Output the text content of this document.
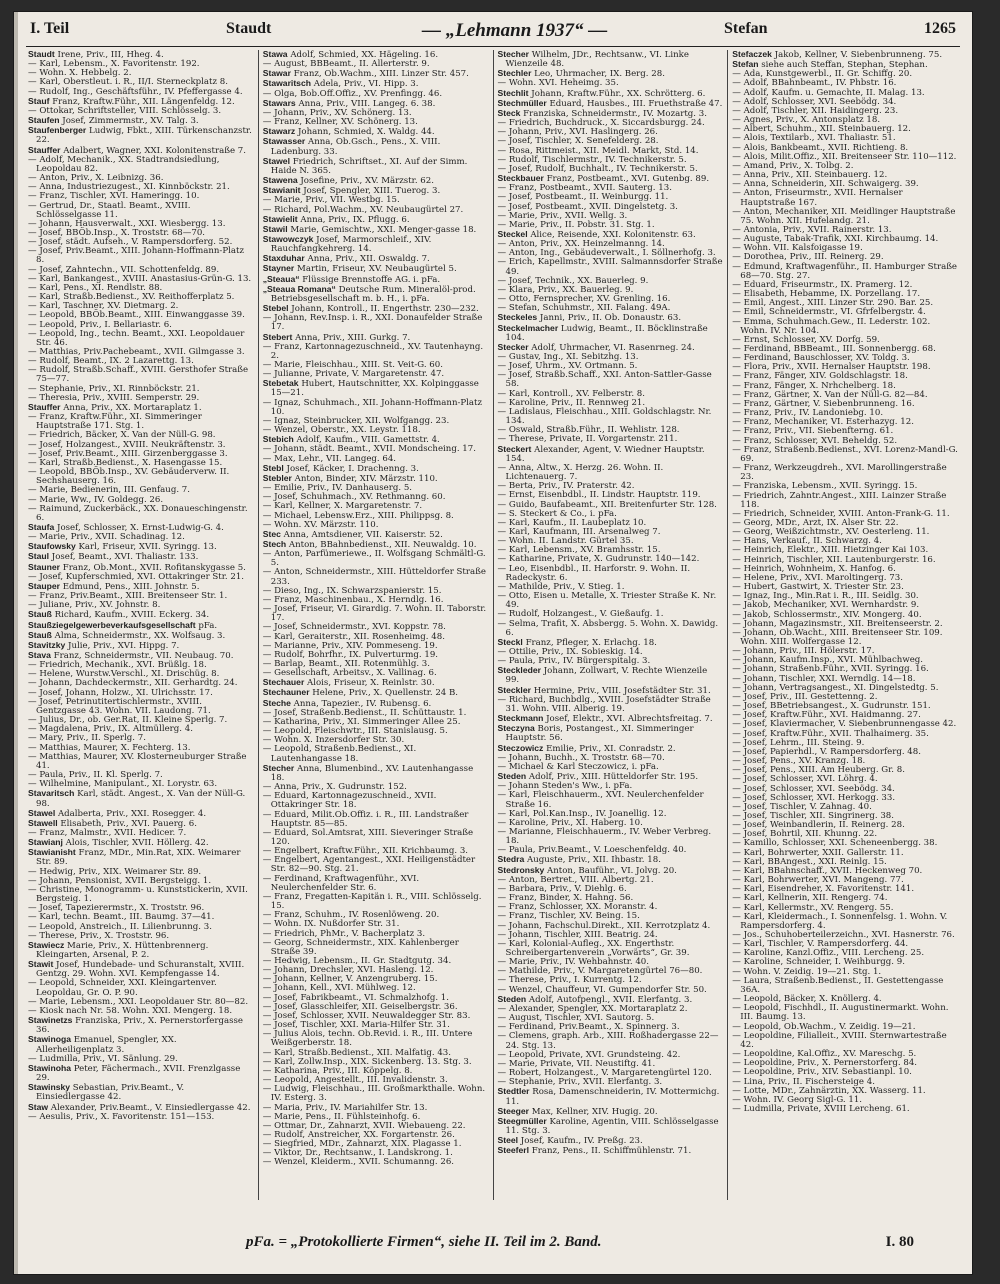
I. Teil	Staudt	— „Lehmann 1937“ —	Stefan	1265

Staudt Irene, Priv., III, Hheg. 4.

— Karl, Lebensm., X. Favoritenstr. 192.

— Wohn. X. Hebbelg. 2.

— Karl, Oberstleut. i. R., II/I. Sterneckplatz 8.

— Rudolf, Ing., Geschäftsführ., IV. Pfeffergasse 4.

Stauf Franz, Kraftw.Führ., XII. Längenfeldg. 12.

— Ottokar, Schriftsteller, VIII. Schlösselg. 3.

Staufen Josef, Zimmermstr., XV. Talg. 3.

Staufenberger Ludwig, Fbkt., XIII. Türkenschanzstr. 22.

Stauffer Adalbert, Wagner, XXI. Kolonitenstraße 7.

— Adolf, Mechanik., XX. Stadtrandsiedlung, Leopoldau 82.

— Anton, Priv., X. Leibnizg. 36.

— Anna, Industriezugest., XI. Kinnböckstr. 21.

— Franz, Tischler, XVI. Hameringg. 10.

— Gertrud, Dr., Staatl. Beamt., XVIII. Schlösselgasse 11.

— Johann, Hausverwalt., XXI. Wiesbergg. 13.

— Josef, BBÖb.Insp., X. Troststr. 68—70.

— Josef, städt. Aufseh., V. Rampersdorferg. 52.

— Josef, Priv.Beamt., XIII. Johann-Hoffmann-Platz 8.

— Josef, Zahntechn., VII. Schottenfeldg. 89.

— Karl, Bankangest., XVIII. Anastasius-Grün-G. 13.

— Karl, Pens., XI. Rendlstr. 88.

— Karl, Straßb.Bedienst., XV. Reithofferplatz 5.

— Karl, Taschner, XV. Dietmarg. 2.

— Leopold, BBÖb.Beamt., XIII. Einwanggasse 39.

— Leopold, Priv., I. Bellariastr. 6.

— Leopold, Ing., techn. Beamt., XXI. Leopoldauer Str. 46.

— Matthias, Priv.Pachebeamt., XVII. Gilmgasse 3.

— Rudolf, Beamt., IX. 2 Lazarettg. 13.

— Rudolf, Straßb.Schaff., XVIII. Gersthofer Straße 75—77.

— Stephanie, Priv., XI. Rinnböckstr. 21.

— Theresia, Priv., XVIII. Semperstr. 29.

Stauffer Anna, Priv., XX. Mortaraplatz 1.

— Franz, Kraftw.Führ., XI. Simmeringer Hauptstraße 171. Stg. 1.

— Friedrich, Bäcker, X. Van der Nüll-G. 98.

— Josef, Holzangest., XVIII. Neukräftenstr. 3.

— Josef, Priv.Beamt., XIII. Girzenberggasse 3.

— Karl, Straßb.Bedienst., X. Hasengasse 15.

— Leopold, BBÖb.Insp., XV. Gebäuderverw. II. Sechshauserg. 16.

— Marie, Bedienerin, III. Genfaug. 7.

— Marie, Ww., IV. Goldegg. 26.

— Raimund, Zuckerbäck., XX. Donaueschingenstr. 6.

Staufa Josef, Schlosser, X. Ernst-Ludwig-G. 4.

— Marie, Priv., XVII. Schadinag. 12.

Staufowsky Karl, Friseur, XVII. Syringg. 13.

Staul Josef, Beamt., XVI. Thaliastr. 133.

Stauner Franz, Ob.Mont., XVII. Rofitanskygasse 5.

— Josef, Kupferschmied, XVI. Ottakringer Str. 21.

Stauper Edmund, Pens., XIII. Johnstr. 5.

— Franz, Priv.Beamt., XIII. Breitenseer Str. 1.

— Juliane, Priv., XV. Johnstr. 8.

Stauß Richard, Kaufm., XVIII. Eckerg. 34.

Staußziegelgewerbeverkaufsgesellschaft pFa.

Stauß Alma, Schneidermstr., XX. Wolfsaug. 3.

Stavitzky Julie, Priv., XVI. Hippg. 7.

Stava Franz, Schneidermstr., VII. Neubaug. 70.

— Friedrich, Mechanik., XVI. Brüßlg. 18.

— Helene, Wurstw.Verschl., XI. Drischüg. 8.

— Johann, Dachdeckermstr., XII. Gerhardtg. 24.

— Josef, Johann, Holzw., XI. Ulrichsstr. 17.

— Josef, Petrinutitertischlermstr., XVIII. Gentzgasse 43. Wohn. VII. Laudong. 71.

— Julius, Dr., ob. Ger.Rat, II. Kleine Sperlg. 7.

— Magdalena, Priv., IX. Altmüllerg. 4.

— Mary, Priv., II. Sperlg. 7.

— Matthias, Maurer, X. Fechterg. 13.

— Matthias, Maurer, XV. Klosterneuburger Straße 41.

— Paula, Priv., II. Kl. Sperlg. 7.

— Wilhelmine, Manipulant., XI. Lorystr. 63.

Stavaritsch Karl, städt. Angest., X. Van der Nüll-G. 98.

Stawel Adalberta, Priv., XXI. Rosegger. 4.

Stawell Elisabeth, Priv., XVI. Pauerg. 6.

— Franz, Malmstr., XVII. Hedicer. 7.

Stawianj Alois, Tischler, XVII. Höllerg. 42.

Stawianisht Franz, MDr., Min.Rat, XIX. Weimarer Str. 89.

— Hedwig, Priv., XIX. Weimarer Str. 89.

— Johann, Pensionist, XVII. Bergsteigg. 1.

— Christine, Monogramm- u. Kunststickerin, XVII. Bergsteig. 1.

— Josef, Tapezierermstr., X. Troststr. 96.

— Karl, techn. Beamt., III. Baumg. 37—41.

— Leopold, Anstreich., II. Lilienbrunng. 3.

— Therese, Priv., X. Troststr. 96.

Stawiecz Marie, Priv., X. Hüttenbrennerg. Kleingarten, Arsenal, P. 2.

Stawit Josef, Hundebade- und Schuranstalt, XVIII. Gentzg. 29. Wohn. XVI. Kempfengasse 14.

— Leopold, Schneider, XXI. Kleingartenver. Leopoldau, Gr. O. P. 90.

— Marie, Lebensm., XXI. Leopoldauer Str. 80—82.

— Kiosk nach Nr. 58. Wohn. XXI. Mengerg. 18.

Stawinetzs Franziska, Priv., X. Pernerstorfergasse 36.

Stawinoga Emanuel, Spengler, XX. Allerheiligenplatz 3.

— Ludmilla, Priv., VI. Sänlung. 29.

Stawinoha Peter, Fächermach., XVII. Frenzlgasse 29.

Stawinsky Sebastian, Priv.Beamt., V. Einsiedlergasse 42.

Staw Alexander, Priv.Beamt., V. Einsiedlergasse 42.

— Aesulis, Priv., X. Favoritenstr. 151—153.

Stawa Adolf, Schmied, XX. Hägeling. 16.

— August, BBBeamt., II. Allerterstr. 9.

Stawar Franz, Ob.Wachm., XIII. Linzer Str. 457.

Stawaritsch Adela, Priv., VI. Hipp. 3.

— Olga, Bob.Off.Offiz., XV. Prenfingg. 46.

Stawars Anna, Priv., VIII. Langeg. 6. 38.

— Johann, Priv., XV. Schönerg. 13.

— Franz, Kellner, XV. Schönerg. 13.

Stawarz Johann, Schmied, X. Waldg. 44.

Stawasser Anna, Ob.Gsch., Pens., X. VIII. Ladenburg. 33.

Stawel Friedrich, Schriftset., XI. Auf der Simm. Haide N. 365.

Stawena Josefine, Priv., XV. Märzstr. 62.

Stawianit Josef, Spengler, XIII. Tuerog. 3.

— Marie, Priv., VII. Westbg. 15.

— Richard, Pol.Wachm., XV. Neubaugürtel 27.

Stawielit Anna, Priv., IX. Pflugg. 6.

Stawil Marie, Gemischtw., XXI. Menger-gasse 18.

Stawowczyk Josef, Marmorschleif., XIV. Rauchfangkehrerg. 14.

Staxduhar Anna, Priv., XII. Oswaldg. 7.

Stayner Martin, Friseur, XV. Neubaugürtel 5.

„Steaua“ Flüssige Brennstoffe AG. i. pFa.

„Steaua Romana“ Deutsche Rum. Mineralöl-prod. Betriebsgesellschaft m. b. H., i. pFa.

Stebel Johann, Kontroll., II. Engerthstr. 230—232.

— Johann, Rev.Insp. i. R., XXI. Donaufelder Straße 17.

Stebert Anna, Priv., XIII. Gurkg. 7.

— Franz, Kartonnagezuschneid., XV. Tautenhayng. 2.

— Marie, Fleischhau., XIII. St. Veit-G. 60.

— Julianne, Private, V. Margaretenstr. 47.

Stebetak Hubert, Hautschnitter, XX. Kolpinggasse 15—21.

— Ignaz, Schuhmach., XII. Johann-Hoffmann-Platz 10.

— Ignaz, Steinbrucker, XII. Wolfgangg. 23.

— Wenzel, Oberstr., XX. Leystr. 118.

Stebich Adolf, Kaufm., VIII. Gamettstr. 4.

— Johann, städt. Beamt., XVII. Mondscheing. 17.

— Max, Lehr., VII. Langeg. 64.

Stebl Josef, Käcker, I. Drachenng. 3.

Stebler Anton, Binder, XIV. Märzstr. 110.

— Emilie, Priv., IV. Danhauserg. 5.

— Josef, Schuhmach., XV. Rethmanng. 60.

— Karl, Kellner, X. Margaretenstr. 7.

— Michael, Lebensw.Erz., XIII. Philippsg. 8.

— Wohn. XV. Märzstr. 110.

Stec Anna, Amtsdiener, VII. Kaiserstr. 52.

Stech Anton, BBahnbedienst., XII. Neuwaldg. 10.

— Anton, Parfümeriewe., II. Wolfsgang Schmältl-G. 5.

— Anton, Schneidermstr., XIII. Hütteldorfer Straße 233.

— Dieso, Ing., IX. Schwarzspanierstr. 15.

— Franz, Maschinenbau., X. Herndlg. 16.

— Josef, Friseur, VI. Girardig. 7. Wohn. II. Taborstr. 17.

— Josef, Schneidermstr., XVI. Koppstr. 78.

— Karl, Geraiterstr., XII. Rosenheimg. 48.

— Marianne, Priv., XIV. Pommeseng. 19.

— Rudolf, Bohrfhr., IX. Pulverturmg. 19.

— Barlap, Beamt., XII. Rotenmühlg. 3.

— Gesellschaft, Arbeitsv., X. Vallinag. 6.

Stechauer Alois, Friseur, X. Reinlstr. 30.

Stechauner Helene, Priv., X. Quellenstr. 24 B.

Steche Anna, Tapezier., IV. Rubensg. 6.

— Josef, Straßenb.Bedienst., II. Schüttaustr. 1.

— Katharina, Priv., XI. Simmeringer Allee 25.

— Leopold, Fleischwtr., III. Stanislausg. 5.

— Wohn. X. Inzersdorfer Str. 30.

— Leopold, Straßenb.Bedienst., XI. Lautenhangasse 18.

Stecher Anna, Blumenbind., XV. Lautenhangasse 18.

— Anna, Priv., X. Gudrunstr. 152.

— Eduard, Kartonnagezuschneid., XVII. Ottakringer Str. 18.

— Eduard, Milit.Ob.Offiz. i. R., III. Landstraßer Hauptstr. 85—85.

— Eduard, Sol.Amtsrat, XIII. Sieveringer Straße 120.

— Engelbert, Kraftw.Führ., XII. Krichbaumg. 3.

— Engelbert, Agentangest., XXI. Heiligenstädter Str. 82—90. Stg. 21.

— Ferdinand, Kraftwagenführ., XVI. Neulerchenfelder Str. 6.

— Franz, Fregatten-Kapitän i. R., VIII. Schlösselg. 15.

— Franz, Schuhm., IV. Rosenlöweng. 20.

— Wohn. IX. Nußdorfer Str. 31.

— Friedrich, PhMr., V. Bacherplatz 3.

— Georg, Schneidermstr., XIX. Kahlenberger Straße 39.

— Hedwig, Lebensm., II. Gr. Stadtgutg. 34.

— Johann, Drechsler, XVI. Hasleng. 12.

— Johann, Kellner, V. Anzengruberg. 15.

— Johann, Kell., XVI. Mühlweg. 12.

— Josef, Fabrikbeamt., VI. Schmalzhofg. 1.

— Josef, Glasschleifer, XII. Geiselbergstr. 36.

— Josef, Schlosser, XVII. Neuwaldegger Str. 83.

— Josef, Tischler, XXI. Maria-Hilfer Str. 31.

— Julius Alois, techn. Ob.Revid. i. R., III. Untere Weißgerberstr. 18.

— Karl, Straßb.Bedienst., XII. Malfatig. 43.

— Karl, Zollw.Insp., XIX. Sickenberg. 13. Stg. 3.

— Katharina, Priv., III. Köppelg. 8.

— Leopold, Angestellt., III. Invalidenstr. 3.

— Ludwig, Fleischhau., III. Großmarkthalle. Wohn. IV. Esterg. 3.

— Maria, Priv., IV. Mariahilfer Str. 13.

— Marie, Pens., II. Fühlsteinhofg. 6.

— Ottmar, Dr., Zahnarzt, XVII. Wiebaueng. 22.

— Rudolf, Anstreicher, XX. Forgartenstr. 26.

— Siegfried, MDr., Zahnarzt, XIX. Plagasse 1.

— Viktor, Dr., Rechtsanw., I. Landskrong. 1.

— Wenzel, Kleiderm., XVII. Schumanng. 26.

Stecher Wilhelm, JDr., Rechtsanw., VI. Linke Wienzeile 48.

Stechler Leo, Uhrmacher, IX. Berg. 28.

— Wohn. XVI. Heheimg. 35.

Stechlit Johann, Kraftw.Führ., XX. Schrötterg. 6.

Stechmüller Eduard, Hausbes., III. Fruethstraße 47.

Steck Franziska, Schneidermstr., IV. Mozartg. 3.

— Friedrich, Buchdruck., X. Siccardsburgg. 24.

— Johann, Priv., XVI. Haslingerg. 26.

— Josef, Tischler, X. Senefelderg. 28.

— Rosa, Rittmeist., XII. Meidl. Markt, Std. 14.

— Rudolf, Tischlermstr., IV. Technikerstr. 5.

— Josef, Rudolf, Buchhalt., IV. Technikerstr. 5.

Steckbauer Franz, Postbeamt., XVI. Gutenbg. 89.

— Franz, Postbeamt., XVII. Sauterg. 13.

— Josef, Postbeamt., II. Weinburgg. 11.

— Josef, Postbeamt., XVII. Dingelstetg. 3.

— Marie, Priv., XVII. Wellg. 3.

— Marie, Priv., II. Pobstr. 31. Stg. 1.

Steckel Alice, Reisende, XXI. Kolonitenstr. 63.

— Anton, Priv., XX. Heinzelmanng. 14.

— Anton, Ing., Gebäudeverwalt., I. Söllnerhofg. 3.

— Erich, Kapellmstr., XVIII. Salmannsdorfer Straße 49.

— Josef, Technik., XX. Bauerleg. 9.

— Klara, Priv., XX. Bauerleg. 9.

— Otto, Fernsprecher, XV. Grenling. 16.

— Stefan, Schuhmstr., XII. Falang. 49A.

Steckeles Janni, Priv., II. Ob. Donaustr. 63.

Steckelmacher Ludwig, Beamt., II. Böcklinstraße 104.

Stecker Adolf, Uhrmacher, VI. Rasenrneg. 24.

— Gustav, Ing., XI. Sebitzhg. 13.

— Josef, Uhrm., XV. Ortmann. 5.

— Josef, Straßb.Schaff., XXI. Anton-Sattler-Gasse 58.

— Karl, Kontroll., XV. Felberstr. 8.

— Karoline, Priv., II. Rennweg 21.

— Ladislaus, Fleischhau., XIII. Goldschlagstr. Nr. 134.

— Oswald, Straßb.Führ., II. Wehlistr. 128.

— Therese, Private, II. Vorgartenstr. 211.

Steckert Alexander, Agent, V. Wiedner Hauptstr. 154.

— Anna, Altw., X. Herzg. 26. Wohn. II. Lichtenauerg. 7.

— Berta, Priv., IV. Praterstr. 42.

— Ernst, Eisenbdbl., II. Lindstr. Hauptstr. 119.

— Guido, Baufabeamt., XII. Breitenfurter Str. 128.

— S. Steckert & Co., i. pFa.

— Karl, Kaufm., II. Laubeplatz 10.

— Karl, Kaufmann, III. Arsenalweg 7.

— Wohn. II. Landstr. Gürtel 35.

— Karl, Lebensm., XV. Bramhsstr. 15.

— Katharine, Private, X. Gudrunstr. 140—142.

— Leo, Eisenbdbl., II. Harforstr. 9. Wohn. II. Radeckystr. 6.

— Mathilde, Priv., V. Stieg. 1.

— Otto, Eisen u. Metalle, X. Triester Straße K. Nr. 49.

— Rudolf, Holzangest., V. Gießaufg. 1.

— Selma, Trafit, X. Absbergg. 5. Wohn. X. Dawidg. 6.

Steckl Franz, Pfleger, X. Erlachg. 18.

— Ottilie, Priv., IX. Sobieskig. 14.

— Paula, Priv., IV. Bürgerspitalg. 3.

Steckleder Johann, Zollwart, V. Rechte Wienzeile 99.

Steckler Hermine, Priv., VIII. Josefstädter Str. 31.

— Richard, Buchbdlg., XVIII. Josefstädter Straße 31. Wohn. VIII. Alberig. 19.

Steckmann Josef, Elektr., XVI. Albrechtsfreitag. 7.

Steczyna Boris, Postangest., XI. Simmeringer Hauptstr. 56.

Steczowicz Emilie, Priv., XI. Conradstr. 2.

— Johann, Buchh., X. Troststr. 68—70.

— Michael & Karl Steczowicz, i. pFa.

Steden Adolf, Priv., XIII. Hütteldorfer Str. 195.

— Johann Steden's Ww., i. pFa.

— Karl, Fleischhauerm., XVI. Neulerchenfelder Straße 16.

— Karl, Pol.Kan.Insp., IV. Joanellig. 12.

— Karoline, Priv., XI. Haberg. 10.

— Marianne, Fleischhauerm., IV. Weber Verbreg. 18.

— Paula, Priv.Beamt., V. Loeschenfeldg. 40.

Stedra Auguste, Priv., XII. Ihbastr. 18.

Stedronsky Anton, Bauführ., VI. Jolvg. 20.

— Anton, Bertret., VIII. Albertg. 21.

— Barbara, Priv., V. Diehlg. 6.

— Franz, Binder, X. Hahng. 56.

— Franz, Schlosser, XX. Moranstr. 4.

— Franz, Tischler, XV. Being. 15.

— Johann, Fachschul.Direkt., XII. Kerrotzplatz 4.

— Johann, Tischler, XIII. Beatrig. 24.

— Karl, Kolonial-Aufleg., XX. Engerthstr. Schreibergartenverein „Vorwärts“, Gr. 39.

— Marie, Priv., IV. Wehbahnstr. 40.

— Mathilde, Priv., V. Margaretengürtel 76—80.

— Therese, Priv., I. Kurrentg. 12.

— Wenzel, Chauffeur, VI. Gumpendorfer Str. 50.

Steden Adolf, Autofpengl., XVII. Elerfantg. 3.

— Alexander, Spengler, XX. Mortaraplatz 2.

— August, Tischler, XVI. Sautorg. 5.

— Ferdinand, Priv.Beamt., X. Spinnerg. 3.

— Clemens, graph. Arb., XIII. Roßhadergasse 22—24. Stg. 13.

— Leopold, Private, XVI. Grundsteing. 42.

— Marie, Private, VII. Neustiftg. 41.

— Robert, Holzangest., V. Margaretengürtel 120.

— Stephanie, Priv., XVII. Elerfantg. 3.

Stedtler Rosa, Damenschneiderin, IV. Mottermichg. 11.

Steeger Max, Kellner, XIV. Hugig. 20.

Steegmüller Karoline, Agentin, VIII. Schlösselgasse 11. Stg. 3.

Steel Josef, Kaufm., IV. Preßg. 23.

Steeferl Franz, Pens., II. Schiffmühlenstr. 71.

Stefaczek Jakob, Kellner, V. Siebenbrunneng. 75.

Stefan siehe auch Steffan, Stephan, Stephan.

— Ada, Kunstgewerbl., II. Gr. Schiffg. 20.

— Adolf, BBahnbeamt., IV. Phbstr. 16.

— Adolf, Kaufm. u. Gemachte, II. Malag. 13.

— Adolf, Schlosser, XVI. Seebödg. 34.

— Adolf, Tischler, XII. Haidingerg. 23.

— Agnes, Priv., X. Antonsplatz 18.

— Albert, Schuhm., XII. Steinbauerg. 12.

— Alois, Textilarb., XVI. Thaliastr. 51.

— Alois, Bankbeamt., XVII. Richtieng. 8.

— Alois, Milit.Offiz., XII. Breitenseer Str. 110—112.

— Amand, Priv., X. Tolbg. 2.

— Anna, Priv., XII. Steinbauerg. 12.

— Anna, Schneiderin, XII. Schwaigerg. 39.

— Anton, Friseurmstr., XVII. Hernalser Hauptstraße 167.

— Anton, Mechaniker, XII. Meidlinger Hauptstraße 75. Wohn. XII. Hufelandg. 21.

— Antonia, Priv., XVII. Rainerstr. 13.

— Auguste, Tabak-Trafik, XXI. Kirchbaumg. 14.

— Wohn. VII. Kalsfoigasse 19.

— Dorothea, Priv., III. Reinerg. 29.

— Edmund, Kraftwagenführ., II. Hamburger Straße 68—70. Stg. 27.

— Eduard, Friseurmstr., IX. Pramerg. 12.

— Elisabeth, Hebamme, IX. Porzellang. 17.

— Emil, Angest., XIII. Linzer Str. 290. Bar. 25.

— Emil, Schneidermstr., VI. Gfrfelbergstr. 4.

— Emma, Schuhmach.Gew., II. Lederstr. 102. Wohn. IV. Nr. 104.

— Ernst, Schlosser, XV. Dorfg. 59.

— Ferdinand, BBBeamt., III. Sonnenbergg. 68.

— Ferdinand, Bauschlosser, XV. Toldg. 3.

— Flora, Priv., XVII. Hernalser Hauptstr. 198.

— Franz, Fänger, XIV. Goldschlagstr. 18.

— Franz, Fänger, X. Nrhchelberg. 18.

— Franz, Gärtner, X. Van der Nüll-G. 82—84.

— Franz, Gärtner, V. Siebenbrunneng. 16.

— Franz, Priv., IV. Landoniebg. 10.

— Franz, Mechaniker, VI. Esterhazyg. 12.

— Franz, Priv., VII. Siebenfterng. 61.

— Franz, Schlosser, XVI. Beheldg. 52.

— Franz, Straßenb.Bedienst., XVI. Lorenz-Mandl-G. 69.

— Franz, Werkzeugdreh., XVI. Marollingerstraße 23.

— Franziska, Lebensm., XVII. Syringg. 15.

— Friedrich, Zahntr.Angest., XIII. Lainzer Straße 118.

— Friedrich, Schneider, XVIII. Anton-Frank-G. 11.

— Georg, MDr., Arzt, IX. Alser Str. 22.

— Georg, Weißzichtmstr., XV. Oesterleng. 11.

— Hans, Verkauf., II. Schwarzg. 4.

— Heinrich, Elektr., XIII. Hietzinger Kai 103.

— Heinrich, Tischler, XII. Lautenburgerstr. 16.

— Heinrich, Wohnheim, X. Hanfog. 6.

— Helene, Priv., XVI. Maroltingerg. 73.

— Hubert, Gastwirt, X. Triester Str. 23.

— Ignaz, Ing., Min.Rat i. R., III. Seidlg. 30.

— Jakob, Mechaniker, XVI. Wernhardstr. 9.

— Jakob, Schlossermstr., XIV. Mongerg. 40.

— Johann, Magazinsmstr., XII. Breitenseerstr. 2.

— Johann, Ob.Wacht., XIII. Breitenseer Str. 109. Wohn. XIII. Wolfergasse 12.

— Johann, Priv., III. Hölerstr. 17.

— Johann, Kaufm.Insp., XVI. Mühlbachweg.

— Johann, Straßenb.Führ., XVII. Syringg. 16.

— Johann, Tischler, XXI. Werndlg. 14—18.

— Johann, Vertragsangest., XI. Dingelstedtg. 5.

— Josef, Priv., III. Gestettenng. 2.

— Josef, BBetriebsangest., X. Gudrunstr. 151.

— Josef, Kraftw.Führ., XVI. Haidmanng. 27.

— Josef, Klaviermacher, V. Siebenbrunnengasse 42.

— Josef, Kraftw.Führ., XVII. Thalhaimerg. 35.

— Josef, Lehrm., III. Steing. 9.

— Josef, Papierhdl., V. Rampersdorferg. 48.

— Josef, Pens., XV. Kranzg. 18.

— Josef, Pens., XIII. Am Heuberg. Gr. 8.

— Josef, Schlosser, XVI. Löhrg. 4.

— Josef, Schlosser, XVI. Seebödg. 34.

— Josef, Schlosser, XVI. Herkogg. 33.

— Josef, Tischler, V. Zahnag. 40.

— Josef, Tischler, XII. Singrinerg. 38.

— Josef, Weinbandlerin, II. Reinerg. 28.

— Josef, Bohrtil, XII. Khunng. 22.

— Kamillo, Schlosser, XXI. Scheneenbergg. 38.

— Karl, Bohrwerter, XXII. Gallerstr. 11.

— Karl, BBAngest., XXI. Reinlg. 15.

— Karl, BBahnschaff., XVII. Heckenweg 70.

— Karl, Bohrwerter, XVI. Mangeng. 77.

— Karl, Eisendreher, X. Favoritenstr. 141.

— Karl, Kellnerin, XII. Rengerg. 74.

— Karl, Kellermstr., XV. Rengerg. 55.

— Karl, Kleidermach., I. Sonnenfelsg. 1. Wohn. V. Rampersdorferg. 4.

— Jos., Schuhoberteilerzeichn., XVI. Hasnerstr. 76.

— Karl, Tischler, V. Rampersdorferg. 44.

— Karoline, Kanzl.Offiz., VIII. Lercheng. 25.

— Karoline, Schneider, I. Weihburgg. 9.

— Wohn. V. Zeidig. 19—21. Stg. 1.

— Laura, Straßenb.Bedienst., II. Gestettengasse 36A.

— Leopold, Bäcker, X. Knöllerg. 4.

— Leopold, Fischhdl., II. Augustinermarkt. Wohn. III. Baumg. 13.

— Leopold, Ob.Wachm., V. Zeidig. 19—21.

— Leopoldine, Filialleit., XVIII. Sternwartestraße 42.

— Leopoldine, Kal.Offiz., XV. Mareschg. 5.

— Leopoldine, Priv., X. Pernerstorferg. 84.

— Leopoldine, Priv., XIV. Sebastianpl. 10.

— Lina, Priv., II. Fischersteige 4.

— Lotte, MDr., Zahnärztin, XX. Wasserg. 11.

— Wohn. IV. Georg Sigl-G. 11.

— Ludmilla, Private, XVIII Lercheng. 61.

pFa. = „Protokollierte Firmen“, siehe II. Teil im 2. Band.	I. 80
